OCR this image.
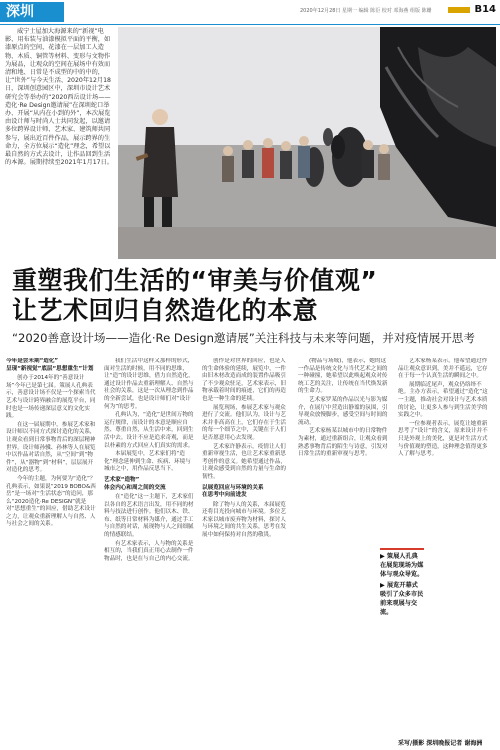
深圳	2020年12月28日 星期一 编辑 陈臣 校对 邓海燕 组版 陈姗	B14

威宁士屋加大海源来的“新视”电影、用布装与油漆模拟平面的平衡，如漆原点的空间，花漆在一层加工人造物、木质、铜管等材料、变形与文物作为展品，让观众的空间在展场中有效而清和地、日常是不成型的中的中的，让“世外”与今天生活、2020年12月18日，深圳创意园区中，深圳市设计艺术研究会等举办的“2020西岳设计场——造化·Re Design邀请展”在深圳蛇口举办、开展“从内在小到的外”，本次展览由设计师与时尚人士共同发起，以邀请多位跨界设计师、艺术家、建筑师共同参与，展出近百件作品，展示跨界的生命力，全方位展示“造化”理念，希望以最自然的方式去设计，让作品回到生活的本源。展期持续至2021年1月17日。

重塑我们生活的“审美与价值观”
让艺术回归自然造化的本意

“2020善意设计场——造化·Re Design邀请展”关注科技与未来等问题，并对疫情展开思考

今年是尝未期“造化”
呈现“新视觉”底层“思想重生”计划

创办于2014年的“善意设计场”今年已是第七届。策展人孔典表示，善意设计场不仅是一个探索当代艺术与设计跨界融合的展览平台，同时也是一场传递深层意义的文化实践。

在这一届展期中，参展艺术家和设计师以不同方式探讨造化的关系，让观众看到日常事物背后的深层精神世界。设计师孙骥、孙林等人在展览中以作品对话自然，从“空间”到“物件”，从“器物”到“材料”，层层展开对造化的思考。

今年的主题，为何要为“造化”？孔典表示，如果说“2019 BOBO&西岳”是一场对“生活状态”的追问，那么“2020造化·Re DESIGN”就是对“思想重生”的回应，借助艺术设计之力，让观众重新理解人与自然、人与社会之间的关系。

我们生活中这样又那样的形式，面对生活的时候，用不同的思维，让“造”的设计思维，借力自然造化，通过设计作品去重新理解人、自然与社会的关系，这是一次从理念到作品的全新尝试，也是设计师们对“设计何为”的思考。

孔典认为，“造化”是世间万物的运行规律，而设计的本意是顺应自然、尊重自然，从生活中来，回到生活中去。设计不应是追求奇观，而是以朴素的方式回应人们真实的需求。

本届展览中，艺术家们将“造化”理念延伸到生命、疾病、环境与城市之中，用作品反思当下。

艺术家“造物”
体会内心和周之间的交流

在“造化”这一主题下，艺术家们以各自的艺术语言出发，用不同的材料与技法进行创作。他们以木、铁、布、纸等日常材料为媒介，通过手工与自然的对话，展现物与人之间细腻的情感联结。

有艺术家表示，人与物的关系是相互的，当我们真正用心去制作一件物品时，也是在与自己的内心交流。

创作是对世界的回应，也是人的生命体验的延续，展览中，一件由旧木材改造而成的装置作品吸引了不少观众驻足，艺术家表示，旧物承载着时间的痕迹，它们的再造也是一种生命的延续。

展览现场，参展艺术家与观众进行了交流。他们认为，设计与艺术并非高高在上，它们存在于生活的每一个细节之中，关键在于人们是否愿意用心去发现。

艺术家许静表示，疫情让人们重新审视生活，也让艺术家重新思考创作的意义。她希望通过作品，让观众感受到自然的力量与生命的韧性。

以展览回应与环境的关系
在思考中向前进发

除了物与人的关系，本届展览还将目光投向城市与环境。多位艺术家以城市废弃物为材料，探讨人与环境之间的共生关系，思考在发展中如何保持对自然的敬畏。

(物品与场域)，他表示，她的这一作品是传统文化与当代艺术之间的一种碰撞，她希望以此唤起观众对传统工艺的关注，让传统在当代焕发新的生命力。

艺术家罗某的作品以光与影为媒介，在展厅中营造出静谧的氛围，引导观众放慢脚步，感受空间与时间的流动。

艺术家杨某以城市中的日常物件为素材，通过重新组合，让观众看到熟悉事物背后的陌生与诗意，引发对日常生活的重新审视与思考。

艺术家杨某表示，他希望通过作品让观众意识到，美并不遥远，它存在于每一个认真生活的瞬间之中。

展期临近尾声，观众仍络绎不绝。主办方表示，希望通过“造化”这一主题，推动社会对设计与艺术本质的讨论，让更多人参与到生活美学的实践之中。

一位参观者表示，展览让她重新思考了“设计”的含义，原来设计并不只是外观上的美化，更是对生活方式与价值观的塑造，这种理念值得更多人了解与思考。

▶ 策展人孔典在展览现场为媒体与观众导览。

▶ 展览开幕式吸引了众多市民前来观展与交流。

采写/摄影 深圳晚报记者 谢海洲
